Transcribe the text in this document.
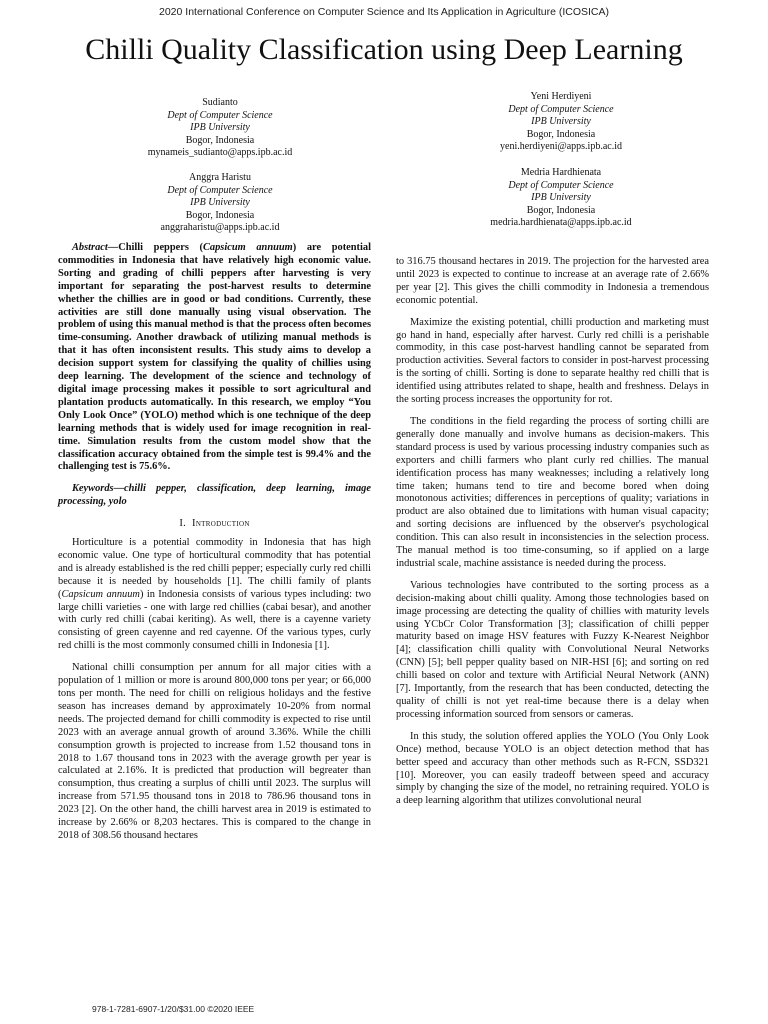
2020 International Conference on Computer Science and Its Application in Agriculture (ICOSICA)
Chilli Quality Classification using Deep Learning
Sudianto
Dept of Computer Science
IPB University
Bogor, Indonesia
mynameis_sudianto@apps.ipb.ac.id
Anggra Haristu
Dept of Computer Science
IPB University
Bogor, Indonesia
anggraharistu@apps.ipb.ac.id
Yeni Herdiyeni
Dept of Computer Science
IPB University
Bogor, Indonesia
yeni.herdiyeni@apps.ipb.ac.id
Medria Hardhienata
Dept of Computer Science
IPB University
Bogor, Indonesia
medria.hardhienata@apps.ipb.ac.id

Abstract—Chilli peppers (Capsicum annuum) are potential commodities in Indonesia that have relatively high economic value. Sorting and grading of chilli peppers after harvesting is very important for separating the post-harvest results to determine whether the chillies are in good or bad conditions. Currently, these activities are still done manually using visual observation. The problem of using this manual method is that the process often becomes time-consuming. Another drawback of utilizing manual methods is that it has often inconsistent results. This study aims to develop a decision support system for classifying the quality of chillies using deep learning. The development of the science and technology of digital image processing makes it possible to sort agricultural and plantation products automatically. In this research, we employ “You Only Look Once” (YOLO) method which is one technique of the deep learning methods that is widely used for image recognition in real-time. Simulation results from the custom model show that the classification accuracy obtained from the simple test is 99.4% and the challenging test is 75.6%.

Keywords—chilli pepper, classification, deep learning, image processing, yolo

I. Introduction

Horticulture is a potential commodity in Indonesia that has high economic value. One type of horticultural commodity that has potential and is already established is the red chilli pepper; especially curly red chilli because it is needed by households [1]. The chilli family of plants (Capsicum annuum) in Indonesia consists of various types including: two large chilli varieties - one with large red chillies (cabai besar), and another with curly red chilli (cabai keriting). As well, there is a cayenne variety consisting of green cayenne and red cayenne. Of the various types, curly red chilli is the most commonly consumed chilli in Indonesia [1].

National chilli consumption per annum for all major cities with a population of 1 million or more is around 800,000 tons per year; or 66,000 tons per month. The need for chilli on religious holidays and the festive season has increases demand by approximately 10-20% from normal needs. The projected demand for chilli commodity is expected to rise until 2023 with an average annual growth of around 3.36%. While the chilli consumption growth is projected to increase from 1.52 thousand tons in 2018 to 1.67 thousand tons in 2023 with the average growth per year is calculated at 2.16%. It is predicted that production will begreater than consumption, thus creating a surplus of chilli until 2023. The surplus will increase from 571.95 thousand tons in 2018 to 786.96 thousand tons in 2023 [2]. On the other hand, the chilli harvest area in 2019 is estimated to increase by 2.66% or 8,203 hectares. This is compared to the change in 2018 of 308.56 thousand hectares

to 316.75 thousand hectares in 2019. The projection for the harvested area until 2023 is expected to continue to increase at an average rate of 2.66% per year [2]. This gives the chilli commodity in Indonesia a tremendous economic potential.

Maximize the existing potential, chilli production and marketing must go hand in hand, especially after harvest. Curly red chilli is a perishable commodity, in this case post-harvest handling cannot be separated from production activities. Several factors to consider in post-harvest processing is the sorting of chilli. Sorting is done to separate healthy red chilli that is identified using attributes related to shape, health and freshness. Delays in the sorting process increases the opportunity for rot.

The conditions in the field regarding the process of sorting chilli are generally done manually and involve humans as decision-makers. This standard process is used by various processing industry companies such as exporters and chilli farmers who plant curly red chillies. The manual identification process has many weaknesses; including a relatively long time taken; humans tend to tire and become bored when doing monotonous activities; differences in perceptions of quality; variations in product are also obtained due to limitations with human visual capacity; and sorting decisions are influenced by the observer's psychological condition. This can also result in inconsistencies in the selection process. The manual method is too time-consuming, so if applied on a large industrial scale, machine assistance is needed during the process.

Various technologies have contributed to the sorting process as a decision-making about chilli quality. Among those technologies based on image processing are detecting the quality of chillies with maturity levels using YCbCr Color Transformation [3]; classification of chilli pepper maturity based on image HSV features with Fuzzy K-Nearest Neighbor [4]; classification chilli quality with Convolutional Neural Networks (CNN) [5]; bell pepper quality based on NIR-HSI [6]; and sorting on red chilli based on color and texture with Artificial Neural Network (ANN) [7]. Importantly, from the research that has been conducted, detecting the quality of chilli is not yet real-time because there is a delay when processing information sourced from sensors or cameras.

In this study, the solution offered applies the YOLO (You Only Look Once) method, because YOLO is an object detection method that has better speed and accuracy than other methods such as R-FCN, SSD321 [10]. Moreover, you can easily tradeoff between speed and accuracy simply by changing the size of the model, no retraining required. YOLO is a deep learning algorithm that utilizes convolutional neural

978-1-7281-6907-1/20/$31.00 ©2020 IEEE
